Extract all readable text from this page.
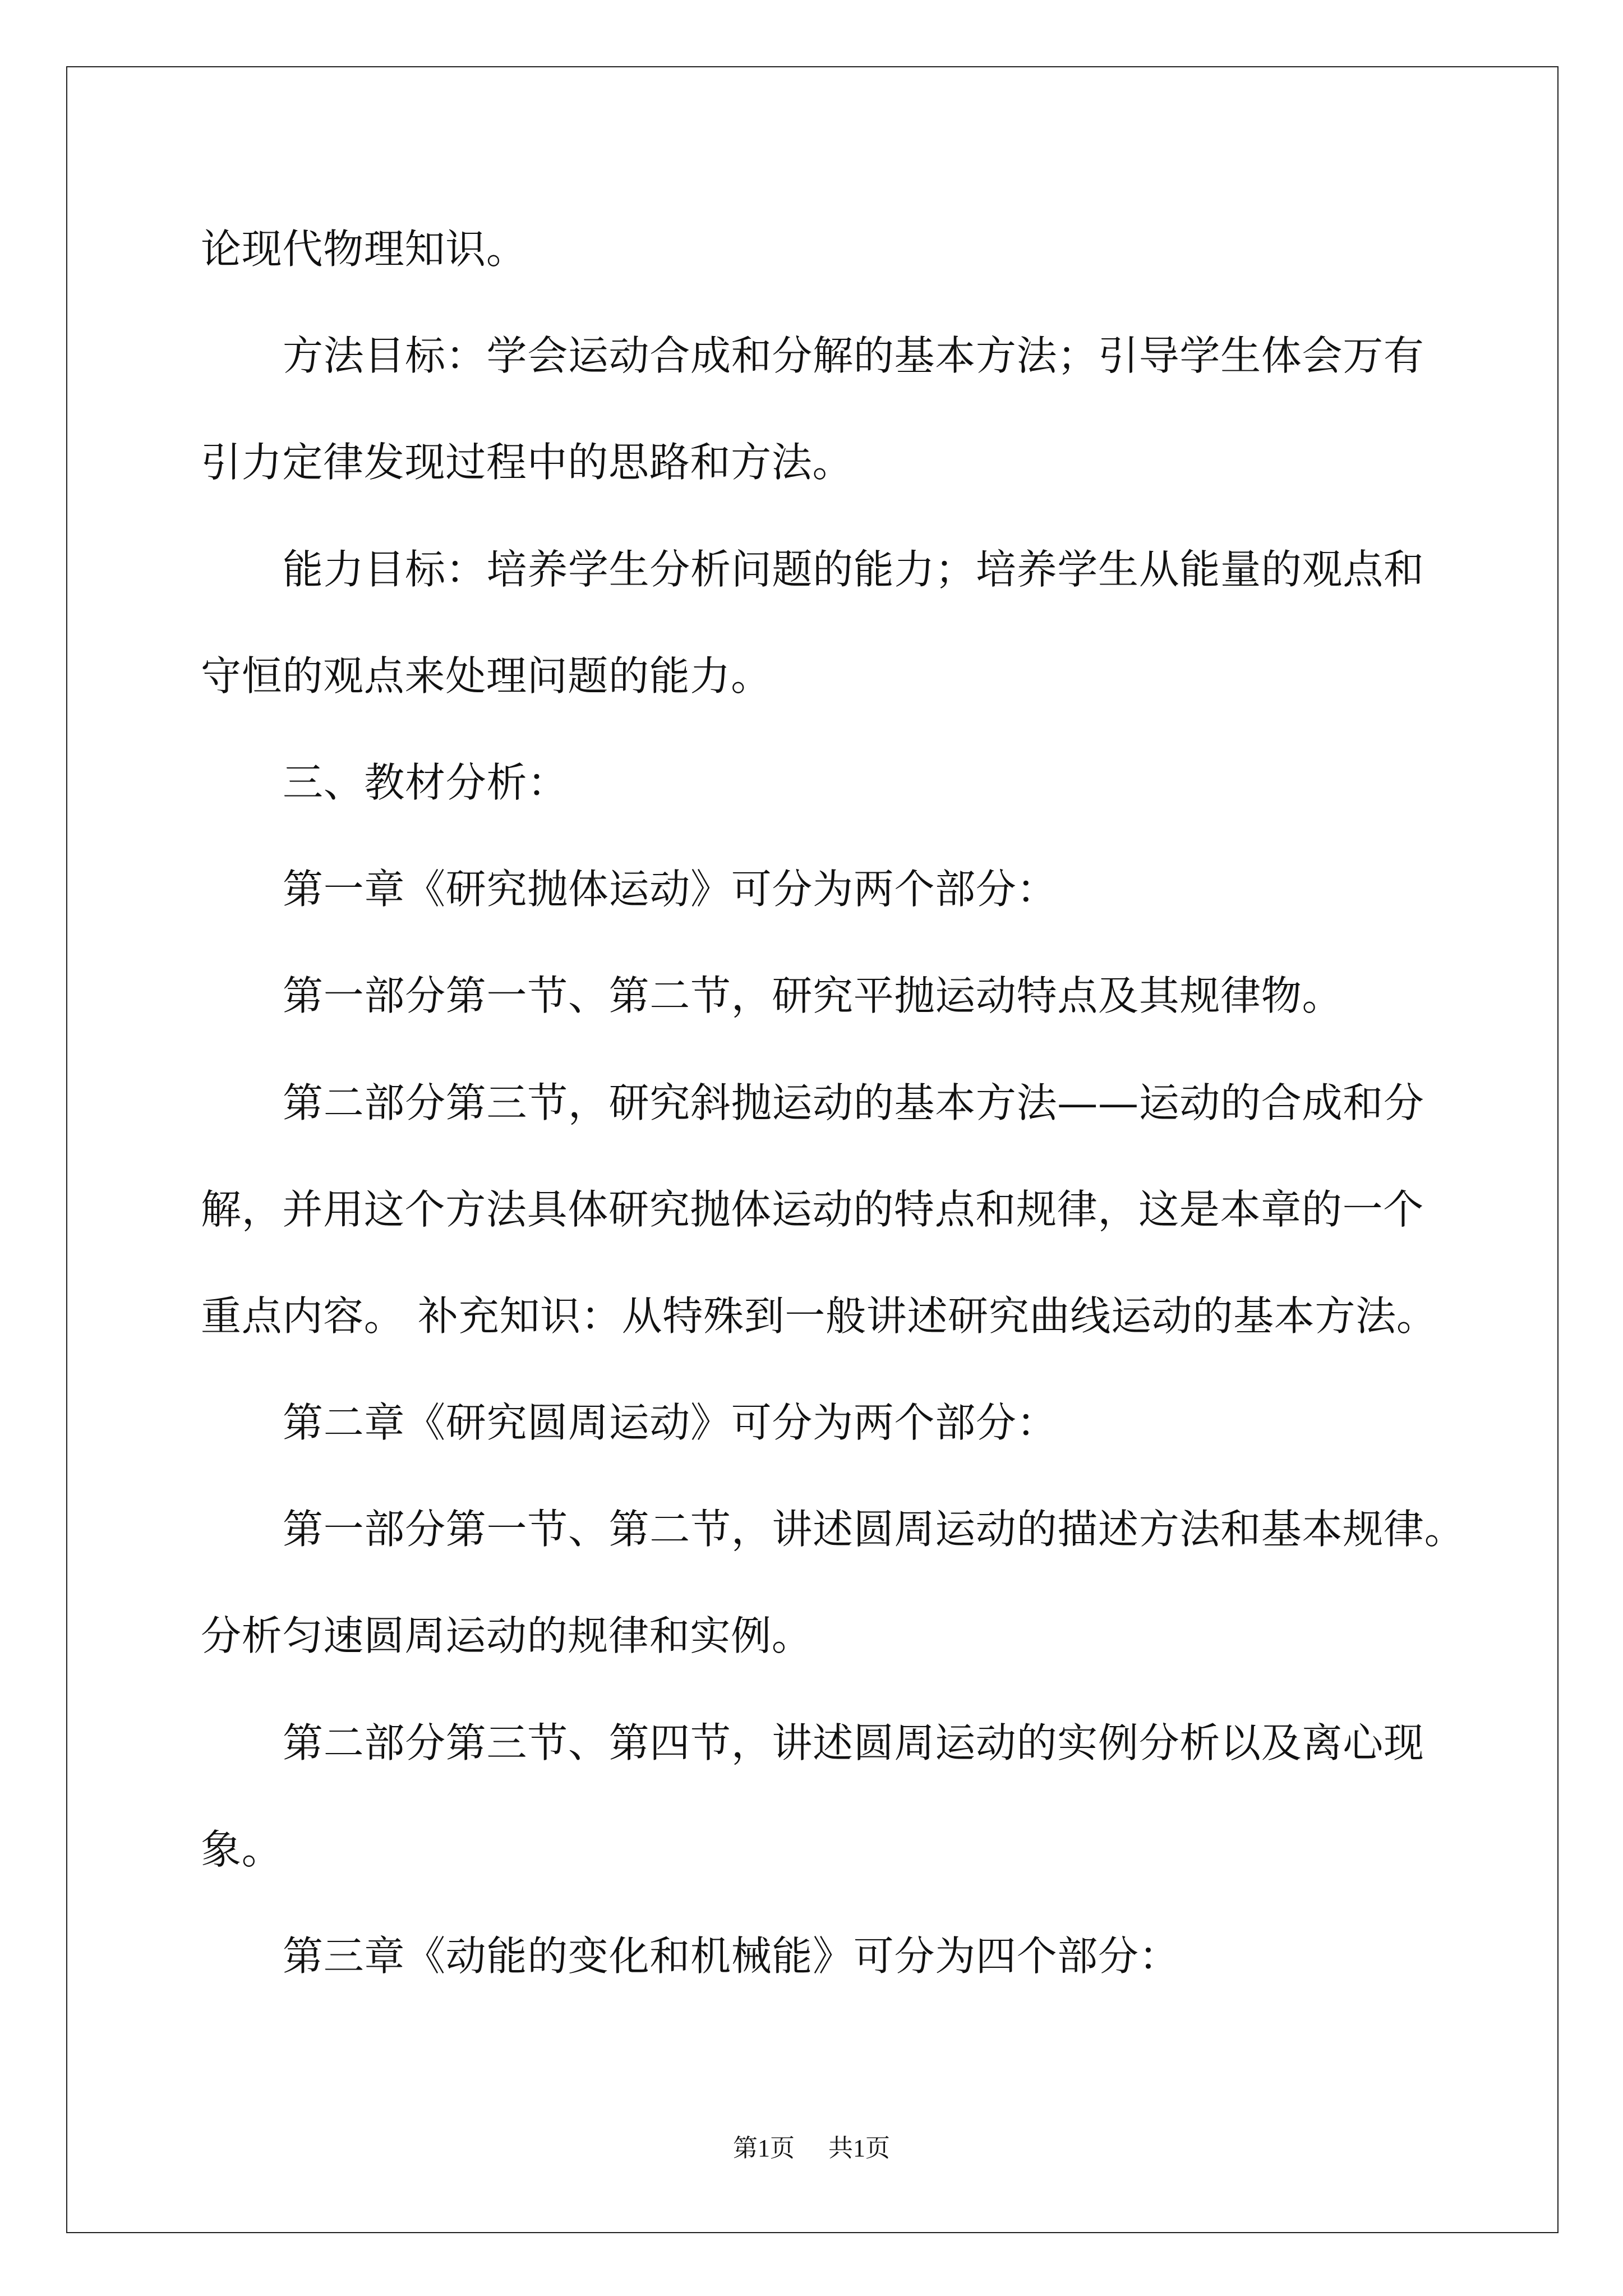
论现代物理知识。
方法目标：学会运动合成和分解的基本方法；引导学生体会万有
引力定律发现过程中的思路和方法。
能力目标：培养学生分析问题的能力；培养学生从能量的观点和
守恒的观点来处理问题的能力。
三、教材分析：
第一章《研究抛体运动》可分为两个部分：
第一部分第一节、第二节，研究平抛运动特点及其规律物。
第二部分第三节，研究斜抛运动的基本方法——运动的合成和分
解，并用这个方法具体研究抛体运动的特点和规律，这是本章的一个
重点内容。 补充知识：从特殊到一般讲述研究曲线运动的基本方法。
第二章《研究圆周运动》可分为两个部分：
第一部分第一节、第二节，讲述圆周运动的描述方法和基本规律。
分析匀速圆周运动的规律和实例。
第二部分第三节、第四节，讲述圆周运动的实例分析以及离心现
象。
第三章《动能的变化和机械能》可分为四个部分：
第1页 共1页
